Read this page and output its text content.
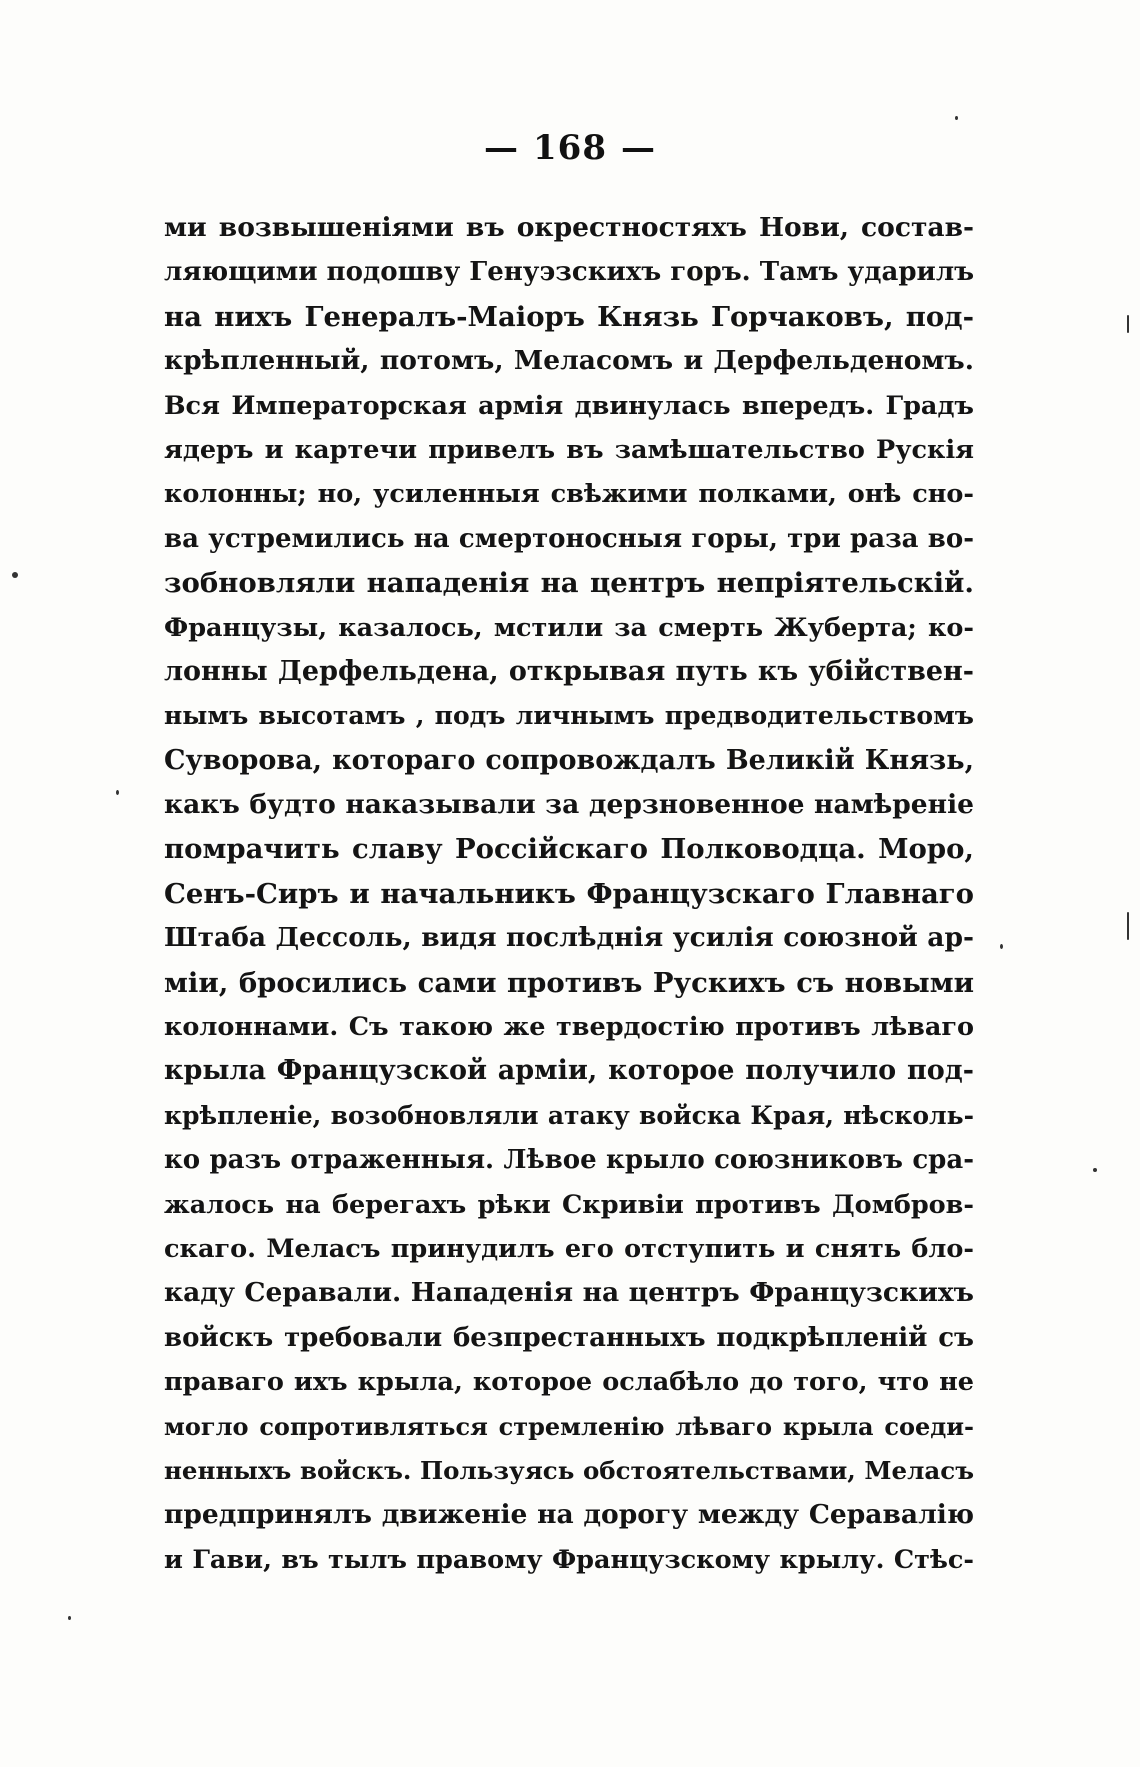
— 168 —
ми возвышеніями въ окрестностяхъ Нови, состав-
ляющими подошву Генуэзскихъ горъ. Тамъ ударилъ
на нихъ Генералъ-Маіоръ Князь Горчаковъ, под-
крѣпленный, потомъ, Меласомъ и Дерфельденомъ.
Вся Императорская армія двинулась впередъ. Градъ
ядеръ и картечи привелъ въ замѣшательство Рускія
колонны; но, усиленныя свѣжими полками, онѣ сно-
ва устремились на смертоносныя горы, три раза во-
зобновляли нападенія на центръ непріятельскій.
Французы, казалось, мстили за смерть Жуберта; ко-
лонны Дерфельдена, открывая путь къ убійствен-
нымъ высотамъ , подъ личнымъ предводительствомъ
Суворова, котораго сопровождалъ Великій Князь,
какъ будто наказывали за дерзновенное намѣреніе
помрачить славу Россійскаго Полководца. Моро,
Сенъ-Сиръ и начальникъ Французскаго Главнаго
Штаба Дессоль, видя послѣднія усилія союзной ар-
міи, бросились сами противъ Рускихъ съ новыми
колоннами. Съ такою же твердостію противъ лѣваго
крыла Французской арміи, которое получило под-
крѣпленіе, возобновляли атаку войска Края, нѣсколь-
ко разъ отраженныя. Лѣвое крыло союзниковъ сра-
жалось на берегахъ рѣки Скривіи противъ Домбров-
скаго. Меласъ принудилъ его отступить и снять бло-
каду Серавали. Нападенія на центръ Французскихъ
войскъ требовали безпрестанныхъ подкрѣпленій съ
праваго ихъ крыла, которое ослабѣло до того, что не
могло сопротивляться стремленію лѣваго крыла соеди-
ненныхъ войскъ. Пользуясь обстоятельствами, Меласъ
предпринялъ движеніе на дорогу между Серавалію
и Гави, въ тылъ правому Французскому крылу. Стѣс-
